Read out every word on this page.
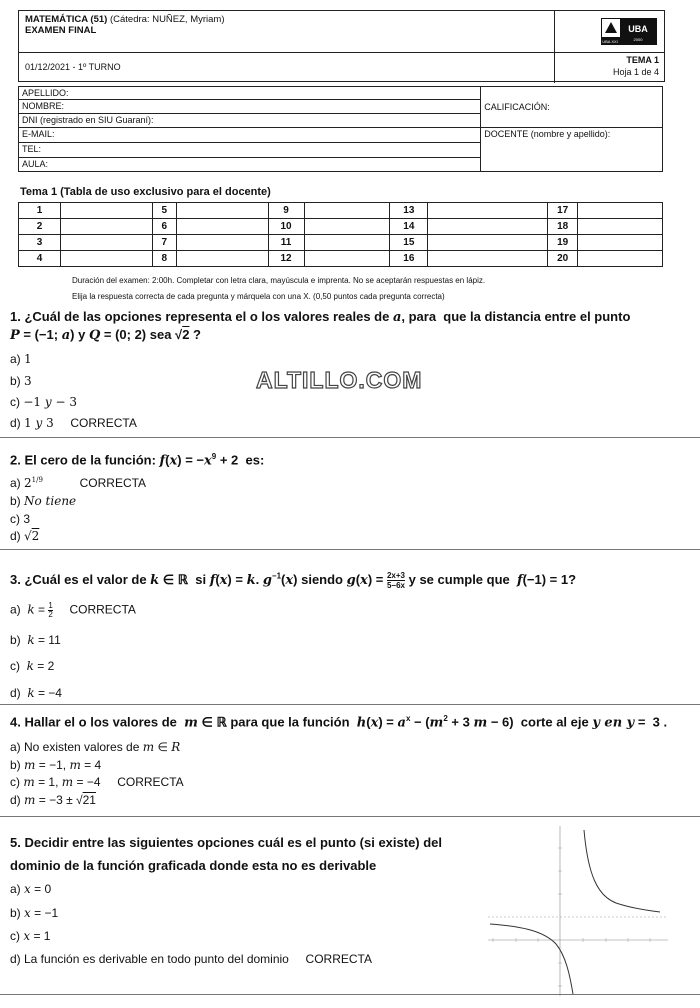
MATEMÁTICA (51) (Cátedra: NUÑEZ, Myriam)
EXAMEN FINAL	UBA
2000
UBA XXI
01/12/2021 - 1º TURNO
TEMA 1
Hoja 1 de 4
APELLIDO:	CALIFICACIÓN:
NOMBRE:	
DNI (registrado en SIU Guaraní):	
E-MAIL:	DOCENTE (nombre y apellido):
TEL:	
AULA:	
Tema 1 (Tabla de uso exclusivo para el docente)
1		5		9		13		17	
2		6		10		14		18	
3		7		11		15		19	
4		8		12		16		20	
Duración del examen: 2:00h. Completar con letra clara, mayúscula e imprenta. No se aceptarán respuestas en lápiz.
Elija la respuesta correcta de cada pregunta y márquela con una X. (0,50 puntos cada pregunta correcta)
1. ¿Cuál de las opciones representa el o los valores reales de a, para  que la distancia entre el punto
P = (−1; a) y Q = (0; 2) sea √2 ?
a) 1
b) 3
c) −1 y − 3
d) 1 y 3 CORRECTA
ALTILLO.COM
2. El cero de la función: $f(x) = -x^9 + 2$  es:
a) $2^{1/9}$	CORRECTA
b) No tiene
c) 3
d) √2
3. ¿Cuál es el valor de k ∈ ℝ  si f(x) = k. $g^{-1}(x)$ siendo $g(x) = \frac{2x+3}{5-6x}$ y se cumple que  f(−1) = 1?
a)  $k = \frac{1}{2}$ CORRECTA
b)  k = 11
c)  k = 2
d)  k = −4
4. Hallar el o los valores de  m ∈ ℝ para que la función  $h(x) = a^x - (m^2 + 3$ m − 6)  corte al eje y en y =  3 .
a) No existen valores de m ∈ R
b) m = −1, m = 4
c) m = 1, m = −4     CORRECTA
d) m = −3 ± √21
5. Decidir entre las siguientes opciones cuál es el punto (si existe) del
dominio de la función graficada donde esta no es derivable
a) x = 0
b) x = −1
c) x = 1
d) La función es derivable en todo punto del dominio     CORRECTA
